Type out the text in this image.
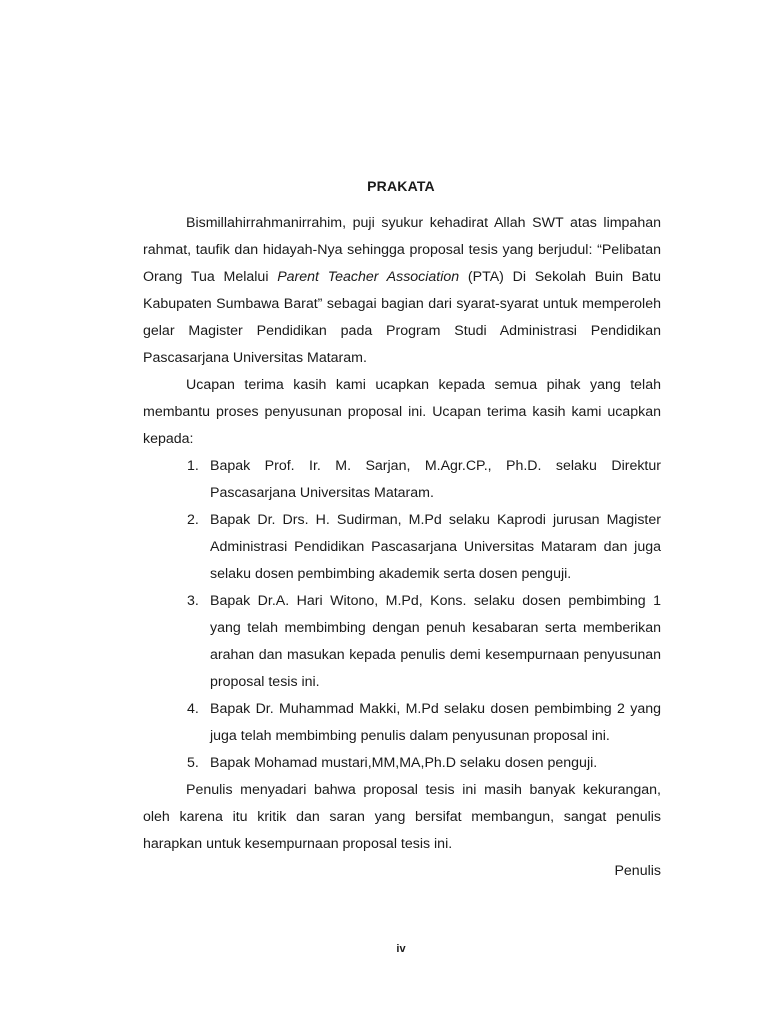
PRAKATA

Bismillahirrahmanirrahim, puji syukur kehadirat Allah SWT atas limpahan rahmat, taufik dan hidayah-Nya sehingga proposal tesis yang berjudul: “Pelibatan Orang Tua Melalui Parent Teacher Association (PTA) Di Sekolah Buin Batu Kabupaten Sumbawa Barat” sebagai bagian dari syarat-syarat untuk memperoleh gelar Magister Pendidikan pada Program Studi Administrasi Pendidikan Pascasarjana Universitas Mataram.

Ucapan terima kasih kami ucapkan kepada semua pihak yang telah membantu proses penyusunan proposal ini. Ucapan terima kasih kami ucapkan kepada:

1. Bapak Prof. Ir. M. Sarjan, M.Agr.CP., Ph.D. selaku Direktur Pascasarjana Universitas Mataram.
2. Bapak Dr. Drs. H. Sudirman, M.Pd selaku Kaprodi jurusan Magister Administrasi Pendidikan Pascasarjana Universitas Mataram dan juga selaku dosen pembimbing akademik serta dosen penguji.
3. Bapak Dr.A. Hari Witono, M.Pd, Kons. selaku dosen pembimbing 1 yang telah membimbing dengan penuh kesabaran serta memberikan arahan dan masukan kepada penulis demi kesempurnaan penyusunan proposal tesis ini.
4. Bapak Dr. Muhammad Makki, M.Pd selaku dosen pembimbing 2 yang juga telah membimbing penulis dalam penyusunan proposal ini.
5. Bapak Mohamad mustari,MM,MA,Ph.D selaku dosen penguji.

Penulis menyadari bahwa proposal tesis ini masih banyak kekurangan, oleh karena itu kritik dan saran yang bersifat membangun, sangat penulis harapkan untuk kesempurnaan proposal tesis ini.

Penulis

iv
